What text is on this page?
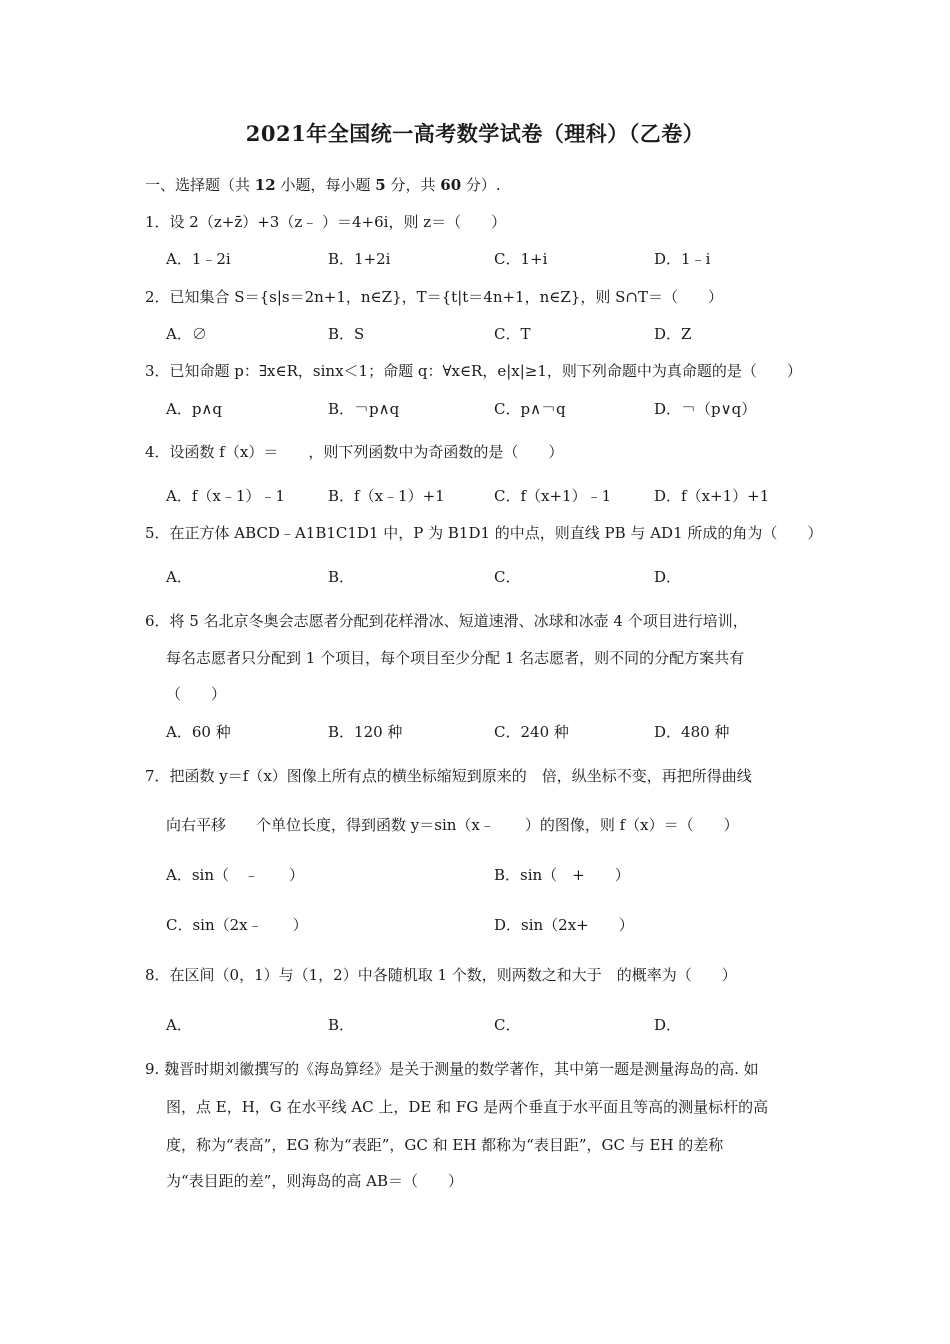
2021年全国统一高考数学试卷（理科）（乙卷）
一、选择题（共 12 小题，每小题 5 分，共 60 分）.
1．设 2（z+z̄）+3（z﹣ ）＝4+6i，则 z＝（　　）
A．1﹣2i	B．1+2i	C．1+i	D．1﹣i
2．已知集合 S＝{s|s＝2n+1，n∈Z}，T＝{t|t＝4n+1，n∈Z}，则 S∩T＝（　　）
A．∅	B．S	C．T	D．Z
3．已知命题 p：∃x∈R，sinx＜1；命题 q：∀x∈R，e|x|≥1，则下列命题中为真命题的是（　　）
A．p∧q	B．￢p∧q	C．p∧￢q	D．￢（p∨q）
4．设函数 f（x）＝　　，则下列函数中为奇函数的是（　　）
A．f（x﹣1）﹣1	B．f（x﹣1）+1	C．f（x+1）﹣1	D．f（x+1）+1
5．在正方体 ABCD﹣A1B1C1D1 中，P 为 B1D1 的中点，则直线 PB 与 AD1 所成的角为（　　）
A．	B．	C．	D．
6．将 5 名北京冬奥会志愿者分配到花样滑冰、短道速滑、冰球和冰壶 4 个项目进行培训，
每名志愿者只分配到 1 个项目，每个项目至少分配 1 名志愿者，则不同的分配方案共有
（　　）
A．60 种	B．120 种	C．240 种	D．480 种
7．把函数 y＝f（x）图像上所有点的横坐标缩短到原来的　倍，纵坐标不变，再把所得曲线
向右平移　　个单位长度，得到函数 y＝sin（x﹣　　）的图像，则 f（x）＝（　　）
A．sin（　﹣　　）	B．sin（　+　　）
C．sin（2x﹣　　）	D．sin（2x+　　）
8．在区间（0，1）与（1，2）中各随机取 1 个数，则两数之和大于　的概率为（　　）
A．	B．	C．	D．
9. 魏晋时期刘徽撰写的《海岛算经》是关于测量的数学著作，其中第一题是测量海岛的高. 如
图，点 E，H，G 在水平线 AC 上，DE 和 FG 是两个垂直于水平面且等高的测量标杆的高
度，称为“表高”，EG 称为“表距”，GC 和 EH 都称为“表目距”，GC 与 EH 的差称
为“表目距的差”，则海岛的高 AB＝（　　）
